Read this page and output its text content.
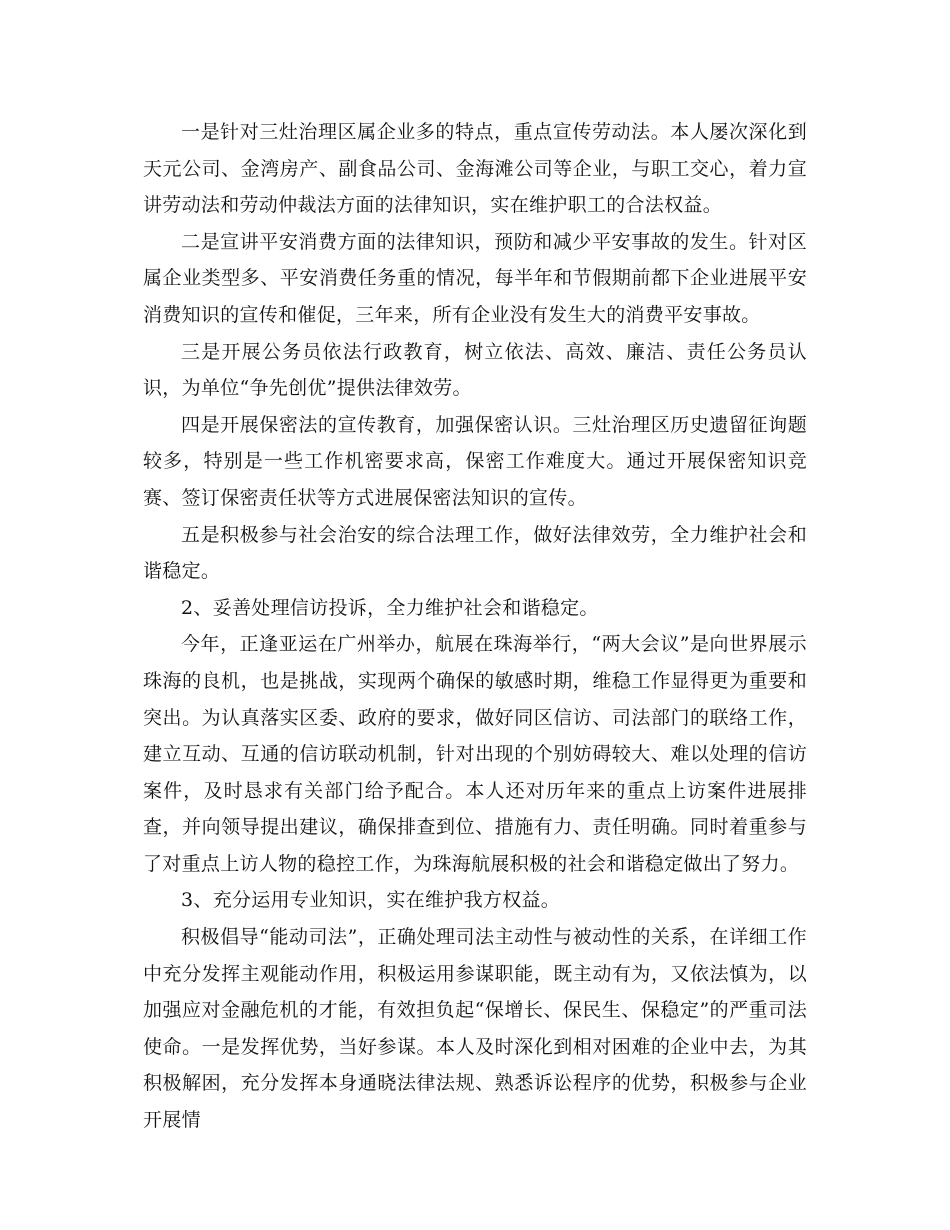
一是针对三灶治理区属企业多的特点，重点宣传劳动法。本人屡次深化到天元公司、金湾房产、副食品公司、金海滩公司等企业，与职工交心，着力宣讲劳动法和劳动仲裁法方面的法律知识，实在维护职工的合法权益。

二是宣讲平安消费方面的法律知识，预防和减少平安事故的发生。针对区属企业类型多、平安消费任务重的情况，每半年和节假期前都下企业进展平安消费知识的宣传和催促，三年来，所有企业没有发生大的消费平安事故。

三是开展公务员依法行政教育，树立依法、高效、廉洁、责任公务员认识，为单位“争先创优”提供法律效劳。

四是开展保密法的宣传教育，加强保密认识。三灶治理区历史遗留征询题较多，特别是一些工作机密要求高，保密工作难度大。通过开展保密知识竞赛、签订保密责任状等方式进展保密法知识的宣传。

五是积极参与社会治安的综合法理工作，做好法律效劳，全力维护社会和谐稳定。

2、妥善处理信访投诉，全力维护社会和谐稳定。

今年，正逢亚运在广州举办，航展在珠海举行，“两大会议”是向世界展示珠海的良机，也是挑战，实现两个确保的敏感时期，维稳工作显得更为重要和突出。为认真落实区委、政府的要求，做好同区信访、司法部门的联络工作，建立互动、互通的信访联动机制，针对出现的个别妨碍较大、难以处理的信访案件，及时恳求有关部门给予配合。本人还对历年来的重点上访案件进展排查，并向领导提出建议，确保排查到位、措施有力、责任明确。同时着重参与了对重点上访人物的稳控工作，为珠海航展积极的社会和谐稳定做出了努力。

3、充分运用专业知识，实在维护我方权益。

积极倡导“能动司法”，正确处理司法主动性与被动性的关系，在详细工作中充分发挥主观能动作用，积极运用参谋职能，既主动有为，又依法慎为，以加强应对金融危机的才能，有效担负起“保增长、保民生、保稳定”的严重司法使命。一是发挥优势，当好参谋。本人及时深化到相对困难的企业中去，为其积极解困，充分发挥本身通晓法律法规、熟悉诉讼程序的优势，积极参与企业开展情
